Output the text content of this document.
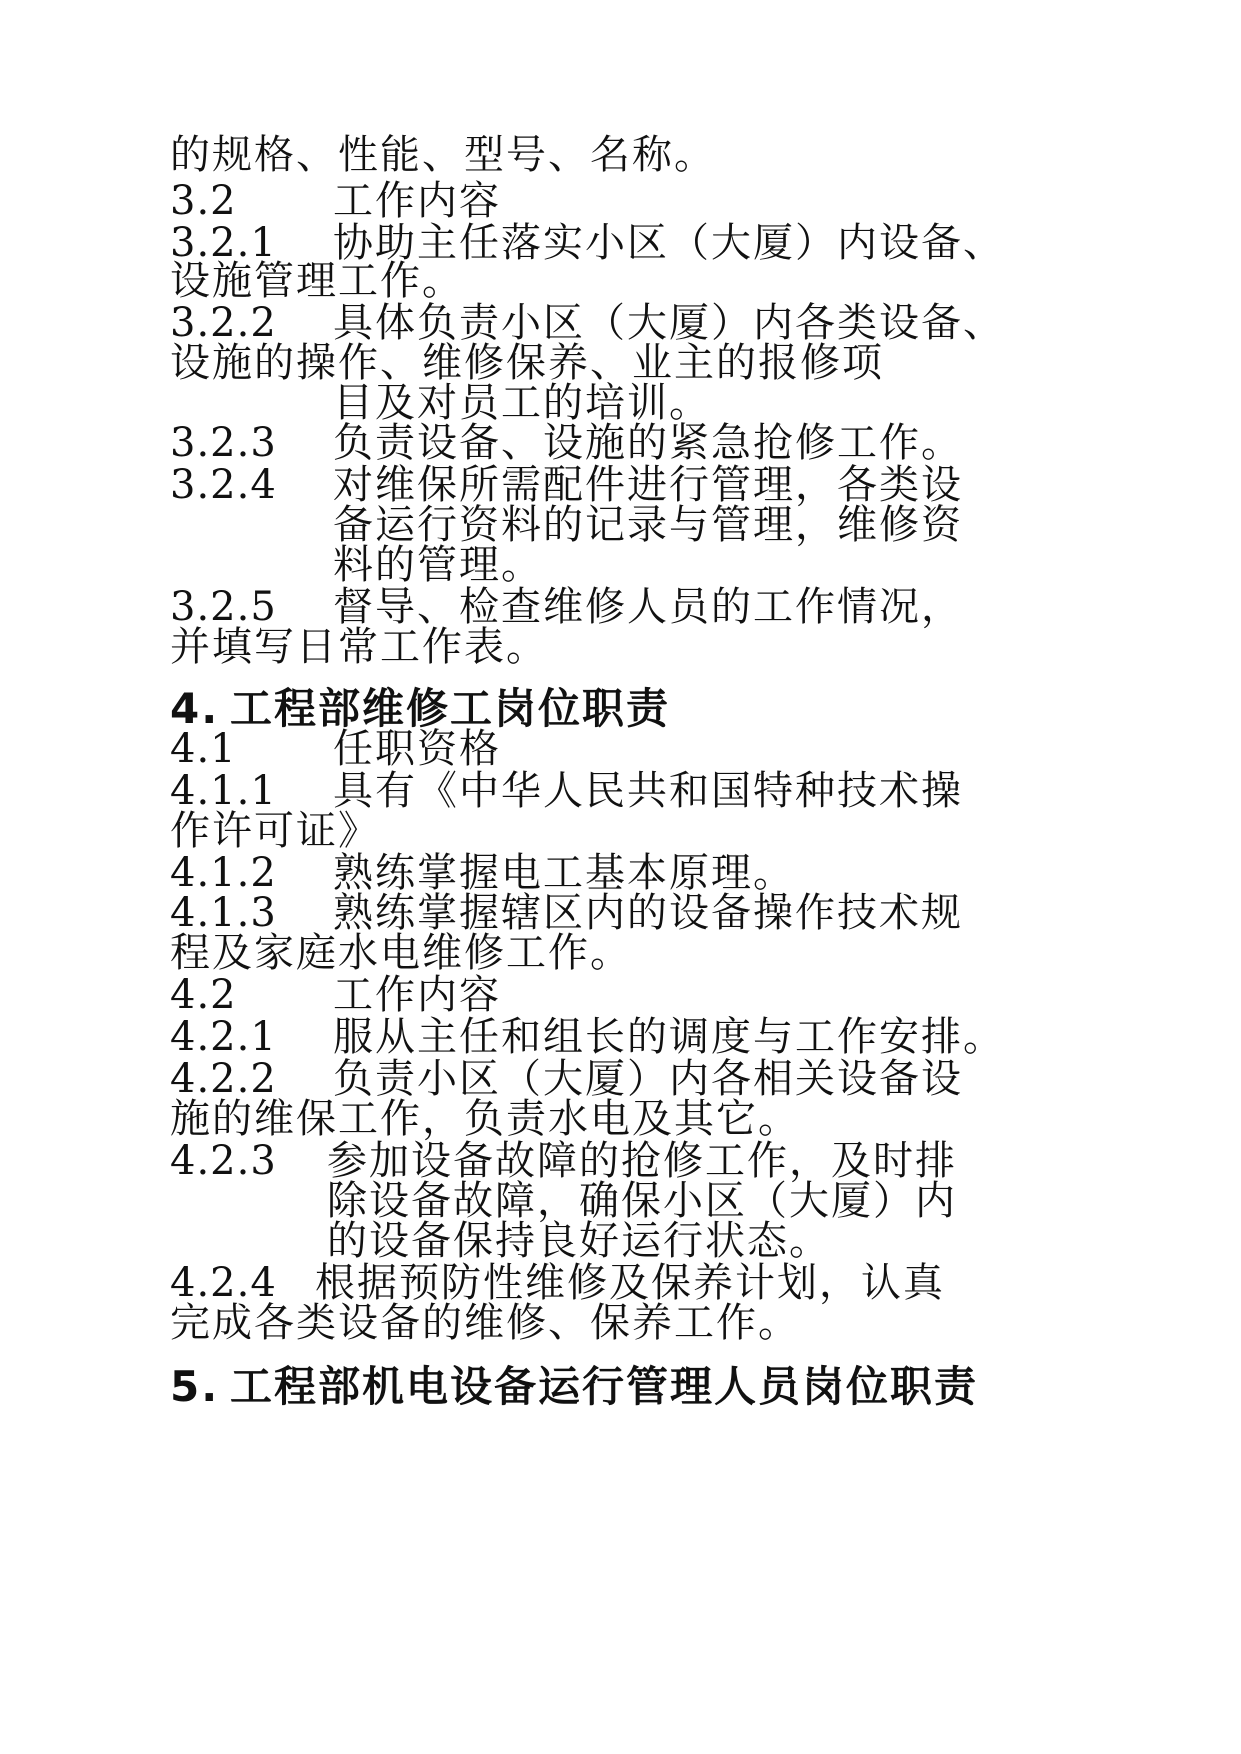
的规格、性能、型号、名称。
3.2 工作内容
3.2.1 协助主任落实小区（大厦）内设备、
设施管理工作。
3.2.2 具体负责小区（大厦）内各类设备、
设施的操作、维修保养、业主的报修项
目及对员工的培训。
3.2.3 负责设备、设施的紧急抢修工作。
3.2.4 对维保所需配件进行管理，各类设
备运行资料的记录与管理，维修资
料的管理。
3.2.5 督导、检查维修人员的工作情况，
并填写日常工作表。
4. 工程部维修工岗位职责
4.1 任职资格
4.1.1 具有《中华人民共和国特种技术操
作许可证》
4.1.2 熟练掌握电工基本原理。
4.1.3 熟练掌握辖区内的设备操作技术规
程及家庭水电维修工作。
4.2 工作内容
4.2.1 服从主任和组长的调度与工作安排。
4.2.2 负责小区（大厦）内各相关设备设
施的维保工作，负责水电及其它。
4.2.3 参加设备故障的抢修工作，及时排
除设备故障，确保小区（大厦）内
的设备保持良好运行状态。
4.2.4 根据预防性维修及保养计划，认真
完成各类设备的维修、保养工作。
5. 工程部机电设备运行管理人员岗位职责
